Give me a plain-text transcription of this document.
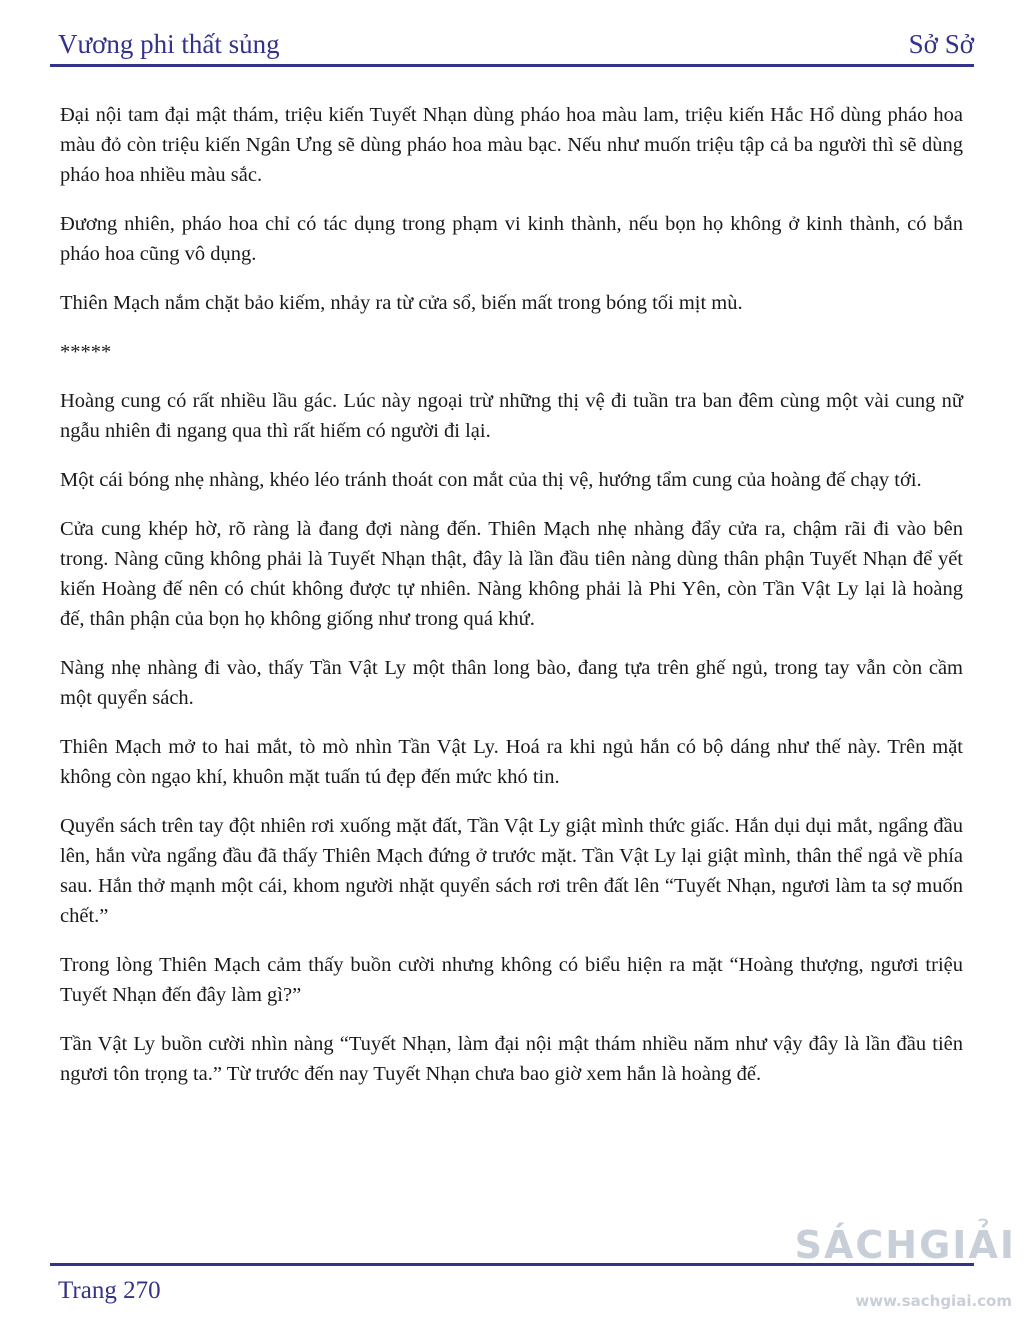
Vương phi thất sủng	Sở Sở

Đại nội tam đại mật thám, triệu kiến Tuyết Nhạn dùng pháo hoa màu lam, triệu kiến Hắc Hổ dùng pháo hoa màu đỏ còn triệu kiến Ngân Ưng sẽ dùng pháo hoa màu bạc. Nếu như muốn triệu tập cả ba người thì sẽ dùng pháo hoa nhiều màu sắc.

Đương nhiên, pháo hoa chỉ có tác dụng trong phạm vi kinh thành, nếu bọn họ không ở kinh thành, có bắn pháo hoa cũng vô dụng.

Thiên Mạch nắm chặt bảo kiếm, nhảy ra từ cửa sổ, biến mất trong bóng tối mịt mù.

*****

Hoàng cung có rất nhiều lầu gác. Lúc này ngoại trừ những thị vệ đi tuần tra ban đêm cùng một vài cung nữ ngẫu nhiên đi ngang qua thì rất hiếm có người đi lại.

Một cái bóng nhẹ nhàng, khéo léo tránh thoát con mắt của thị vệ, hướng tẩm cung của hoàng đế chạy tới.

Cửa cung khép hờ, rõ ràng là đang đợi nàng đến. Thiên Mạch nhẹ nhàng đẩy cửa ra, chậm rãi đi vào bên trong. Nàng cũng không phải là Tuyết Nhạn thật, đây là lần đầu tiên nàng dùng thân phận Tuyết Nhạn để yết kiến Hoàng đế nên có chút không được tự nhiên. Nàng không phải là Phi Yên, còn Tần Vật Ly lại là hoàng đế, thân phận của bọn họ không giống như trong quá khứ.

Nàng nhẹ nhàng đi vào, thấy Tần Vật Ly một thân long bào, đang tựa trên ghế ngủ, trong tay vẫn còn cầm một quyển sách.

Thiên Mạch mở to hai mắt, tò mò nhìn Tần Vật Ly. Hoá ra khi ngủ hắn có bộ dáng như thế này. Trên mặt không còn ngạo khí, khuôn mặt tuấn tú đẹp đến mức khó tin.

Quyển sách trên tay đột nhiên rơi xuống mặt đất, Tần Vật Ly giật mình thức giấc. Hắn dụi dụi mắt, ngẩng đầu lên, hắn vừa ngẩng đầu đã thấy Thiên Mạch đứng ở trước mặt. Tần Vật Ly lại giật mình, thân thể ngả về phía sau. Hắn thở mạnh một cái, khom người nhặt quyển sách rơi trên đất lên “Tuyết Nhạn, ngươi làm ta sợ muốn chết.”

Trong lòng Thiên Mạch cảm thấy buồn cười nhưng không có biểu hiện ra mặt “Hoàng thượng, ngươi triệu Tuyết Nhạn đến đây làm gì?”

Tần Vật Ly buồn cười nhìn nàng “Tuyết Nhạn, làm đại nội mật thám nhiều năm như vậy đây là lần đầu tiên ngươi tôn trọng ta.” Từ trước đến nay Tuyết Nhạn chưa bao giờ xem hắn là hoàng đế.

Trang 270
SÁCHGIẢI
www.sachgiai.com
